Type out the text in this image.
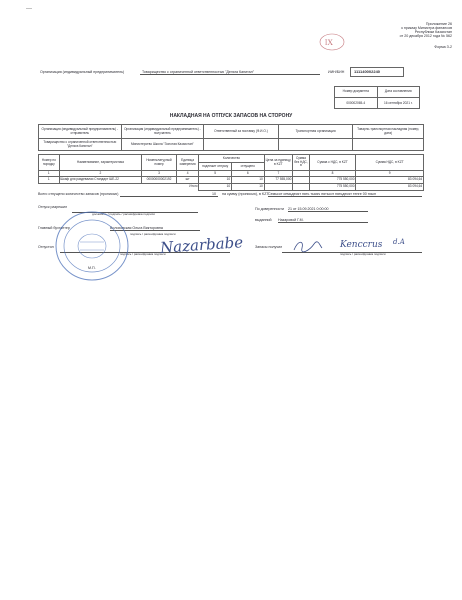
—
lX
Приложение 26
к приказу Министра финансов
Республики Казахстан
от 20 декабря 2012 года № 562
Форма З-2
Организация (индивидуальный предприниматель)	Товарищество с ограниченной ответственностью "Дельта Капитал"	ИИН/БИН 111140002240
Номер документа	Дата составления
000002065-4	16 сентября 2021 г.
НАКЛАДНАЯ НА ОТПУСК ЗАПАСОВ НА СТОРОНУ
Организация (индивидуальный предприниматель) - отправитель	Организация (индивидуальный предприниматель) - получатель	Ответственный за поставку (Ф.И.О.)	Транспортная организация	Товарно-транспортная накладная (номер, дата)
Товарищество с ограниченной ответственностью "Дельта Капитал"	Министерство Школа "Золотая Казахстан"			
Номер по порядку	Наименование, характеристика	Номенклатурный номер	Единица измерения	Количество		Цена за единицу, в KZT	Сумма без НДС, в	Сумма с НДС, в KZT	Сумма НДС, в KZT
				подлежит отпуску	отпущено				
1	2	3	4	5	6	7		8	9
1	Шкаф для раздевалки Стандарт ШЕ-22	00000000002192	шт	10	10	77 555,000		775 550,000	83 094,64
Итого				10	10			775 550,000	83 094,64
Всего отпущено количество запасов (прописью)	10	на сумму (прописью), в KZT Семьсот семьдесят пять тысяч пятьсот пятьдесят тенге 00 тиын
По доверенности 21 от 15.09.2021 0:00:00
выданной Назаровой Г.М.
Отпуск разрешил
должность / подпись / расшифровка подписи
Главный бухгалтер	Волоховская Ольга Викторовна
подпись / расшифровка подписи
Отпустил
подпись / расшифровка подписи
Nazarbabe
М.П.
Запасы получил
подпись / расшифровка подписи
Kenccrus d.A
